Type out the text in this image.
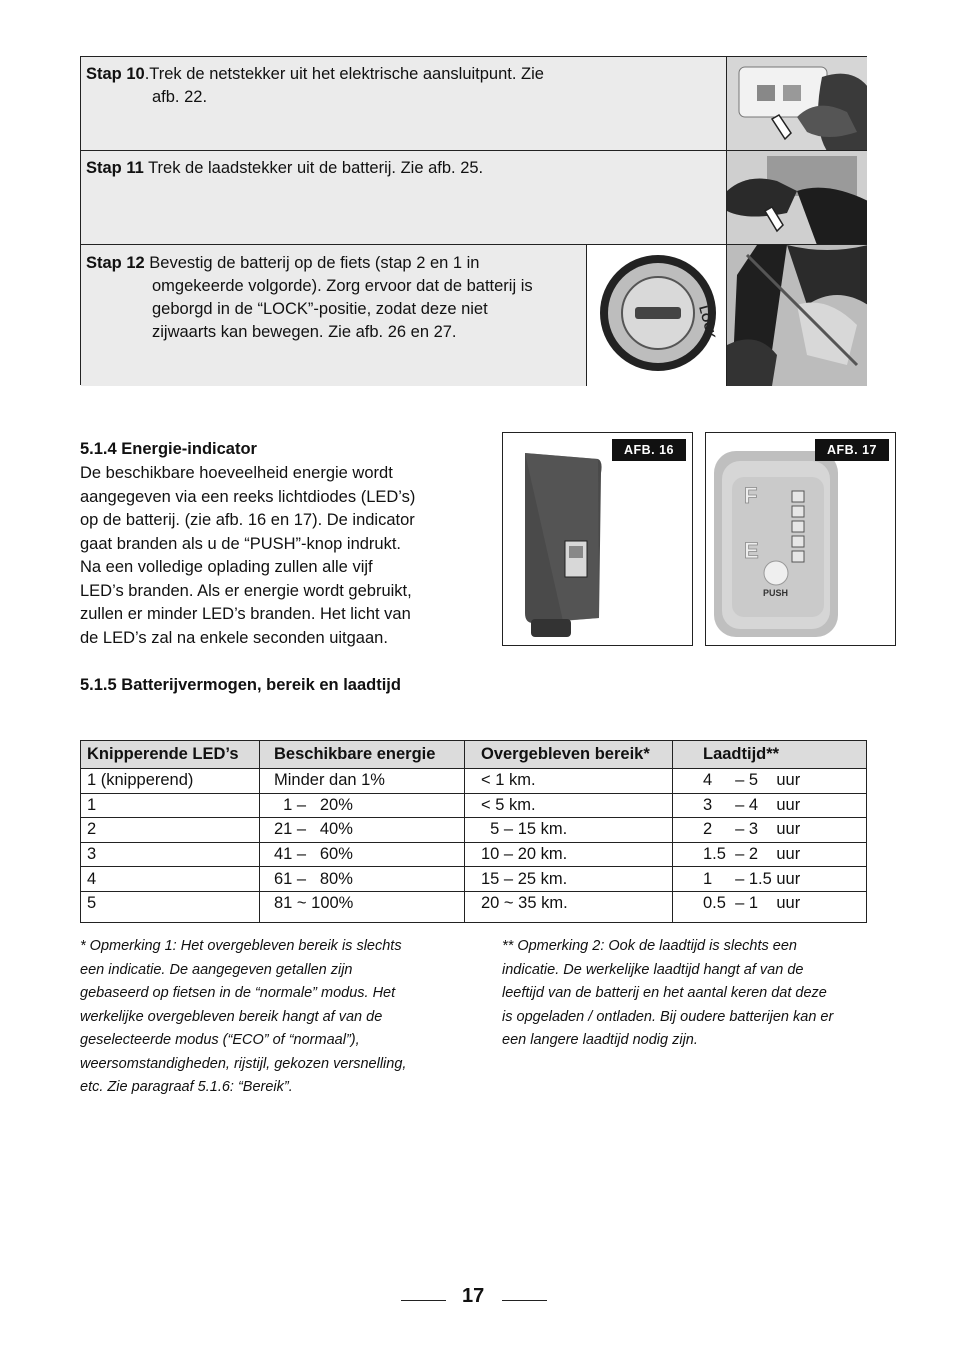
Stap 10.Trek de netstekker uit het elektrische aansluitpunt. Zie
afb. 22.
Stap 11 Trek de laadstekker uit de batterij. Zie afb. 25.
Stap 12 Bevestig de batterij op de fiets (stap 2 en 1 in
omgekeerde volgorde). Zorg ervoor dat de batterij is
geborgd in de “LOCK”-positie, zodat deze niet
zijwaarts kan bewegen. Zie afb. 26 en 27.	LOCK
5.1.4 Energie-indicator
De beschikbare hoeveelheid energie wordt
aangegeven via een reeks lichtdiodes (LED’s)
op de batterij. (zie afb. 16 en 17). De indicator
gaat branden als u de “PUSH”-knop indrukt.
Na een volledige oplading zullen alle vijf
LED’s branden. Als er energie wordt gebruikt,
zullen er minder LED’s branden. Het licht van
de LED’s zal na enkele seconden uitgaan.
AFB. 16
F
E
PUSH
AFB. 17
5.1.5 Batterijvermogen, bereik en laadtijd
Knipperende LED’s	Beschikbare energie	Overgebleven bereik*	Laadtijd**
1 (knipperend)	Minder dan 1%	< 1 km.	4     – 5    uur
1	1 –   20%	< 5 km.	3     – 4    uur
2	21 –   40%	5 – 15 km.	2     – 3    uur
3	41 –   60%	10 – 20 km.	1.5  – 2    uur
4	61 –   80%	15 – 25 km.	1     – 1.5 uur
5	81 ~ 100%	20 ~ 35 km.	0.5  – 1    uur
* Opmerking 1: Het overgebleven bereik is slechts
een indicatie. De aangegeven getallen zijn
gebaseerd op fietsen in de “normale” modus. Het
werkelijke overgebleven bereik hangt af van de
geselecteerde modus (“ECO” of “normaal”),
weersomstandigheden, rijstijl, gekozen versnelling,
etc. Zie paragraaf 5.1.6: “Bereik”.
** Opmerking 2: Ook de laadtijd is slechts een
indicatie. De werkelijke laadtijd hangt af van de
leeftijd van de batterij en het aantal keren dat deze
is opgeladen / ontladen. Bij oudere batterijen kan er
een langere laadtijd nodig zijn.
17
